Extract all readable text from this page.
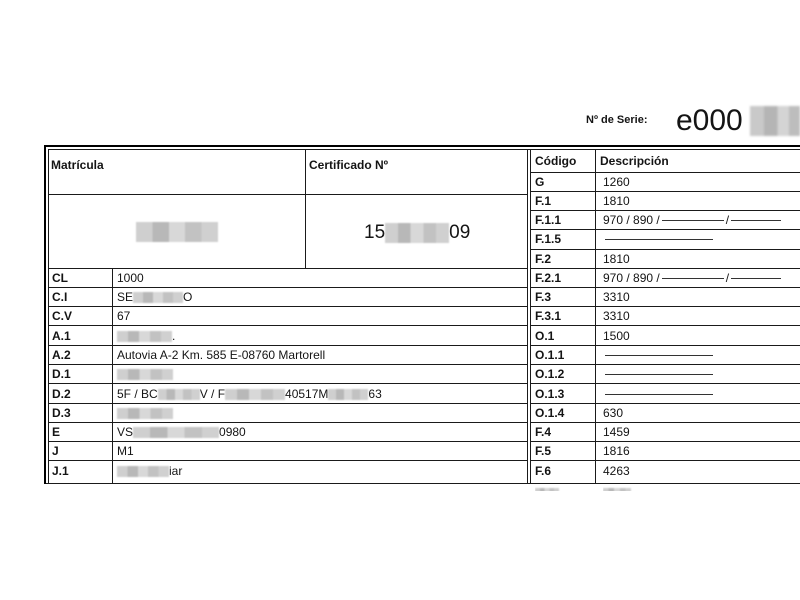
Nº de Serie: e000
Matrícula	Certificado Nº	Código Descripción
15	09
CL	1000
C.I	SE	O
C.V	67
A.1	.
A.2	Autovia A-2 Km. 585 E-08760 Martorell
D.1
D.2	5F / BC	V / F	40517M	63
D.3
E	VS	0980
J	M1
J.1	iar
G	1260
F.1	1810
F.1.1	970 / 890 /	/
F.1.5
F.2	1810
F.2.1	970 / 890 /	/
F.3	3310
F.3.1	3310
O.1	1500
O.1.1
O.1.2
O.1.3
O.1.4	630
F.4	1459
F.5	1816
F.6	4263
